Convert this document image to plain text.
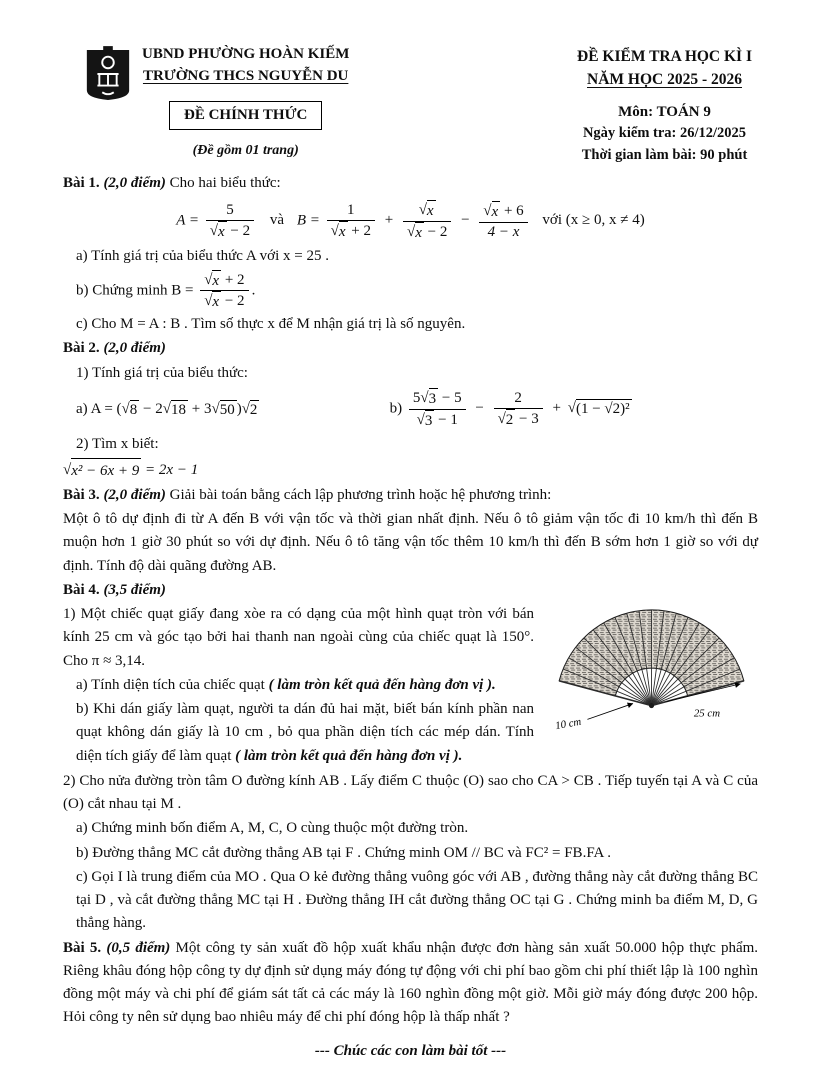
UBND PHƯỜNG HOÀN KIẾM
TRƯỜNG THCS NGUYỄN DU
ĐỀ CHÍNH THỨC
(Đề gồm 01 trang)
ĐỀ KIỂM TRA HỌC KÌ I
NĂM HỌC 2025 - 2026
Môn: TOÁN 9
Ngày kiểm tra: 26/12/2025
Thời gian làm bài: 90 phút

Bài 1. (2,0 điểm) Cho hai biểu thức:

A = 5
√ x − 2 và B = 1
√ x + 2 + √ x
√ x − 2 − √ $\frac{x + 6}{4 - x}$ với (x ≥ 0, x ≠ 4)

a) Tính giá trị của biểu thức A với x = 25 .

b) Chứng minh B = √ x + 2
√ x − 2 .

c) Cho M = A : B . Tìm số thực x để M nhận giá trị là số nguyên.

Bài 2. (2,0 điểm)

1) Tính giá trị của biểu thức:

a) A = ( √ 8 − 2 √ 18 + 3 √ 50 ) √ 2	b) 5 √ 3 − 5
√ 3 − 1 − 2
√ 2 − 3 + √ (1 − √2)²

2) Tìm x biết:

√ x² − 6x + 9 = 2x − 1

Bài 3. (2,0 điểm) Giải bài toán bằng cách lập phương trình hoặc hệ phương trình:

Một ô tô dự định đi từ A đến B với vận tốc và thời gian nhất định. Nếu ô tô giảm vận tốc đi 10 km/h thì đến B muộn hơn 1 giờ 30 phút so với dự định. Nếu ô tô tăng vận tốc thêm 10 km/h thì đến B sớm hơn 1 giờ so với dự định. Tính độ dài quãng đường AB.

Bài 4. (3,5 điểm)

10 cm
25 cm

1) Một chiếc quạt giấy đang xòe ra có dạng của một hình quạt tròn với bán kính 25 cm và góc tạo bởi hai thanh nan ngoài cùng của chiếc quạt là 150°. Cho π ≈ 3,14.

a) Tính diện tích của chiếc quạt ( làm tròn kết quả đến hàng đơn vị ).

b) Khi dán giấy làm quạt, người ta dán đủ hai mặt, biết bán kính phần nan quạt không dán giấy là 10 cm , bỏ qua phần diện tích các mép dán. Tính diện tích giấy để làm quạt ( làm tròn kết quả đến hàng đơn vị ).

2) Cho nửa đường tròn tâm O đường kính AB . Lấy điểm C thuộc (O) sao cho CA > CB . Tiếp tuyến tại A và C của (O) cắt nhau tại M .

a) Chứng minh bốn điểm A, M, C, O cùng thuộc một đường tròn.

b) Đường thẳng MC cắt đường thẳng AB tại F . Chứng minh OM // BC và FC² = FB.FA .

c) Gọi I là trung điểm của MO . Qua O kẻ đường thẳng vuông góc với AB , đường thẳng này cắt đường thẳng BC tại D , và cắt đường thẳng MC tại H . Đường thẳng IH cắt đường thẳng OC tại G . Chứng minh ba điểm M, D, G thẳng hàng.

Bài 5. (0,5 điểm) Một công ty sản xuất đồ hộp xuất khẩu nhận được đơn hàng sản xuất 50.000 hộp thực phẩm. Riêng khâu đóng hộp công ty dự định sử dụng máy đóng tự động với chi phí bao gồm chi phí thiết lập là 100 nghìn đồng một máy và chi phí để giám sát tất cả các máy là 160 nghìn đồng một giờ. Mỗi giờ máy đóng được 200 hộp. Hỏi công ty nên sử dụng bao nhiêu máy để chi phí đóng hộp là thấp nhất ?

--- Chúc các con làm bài tốt ---
